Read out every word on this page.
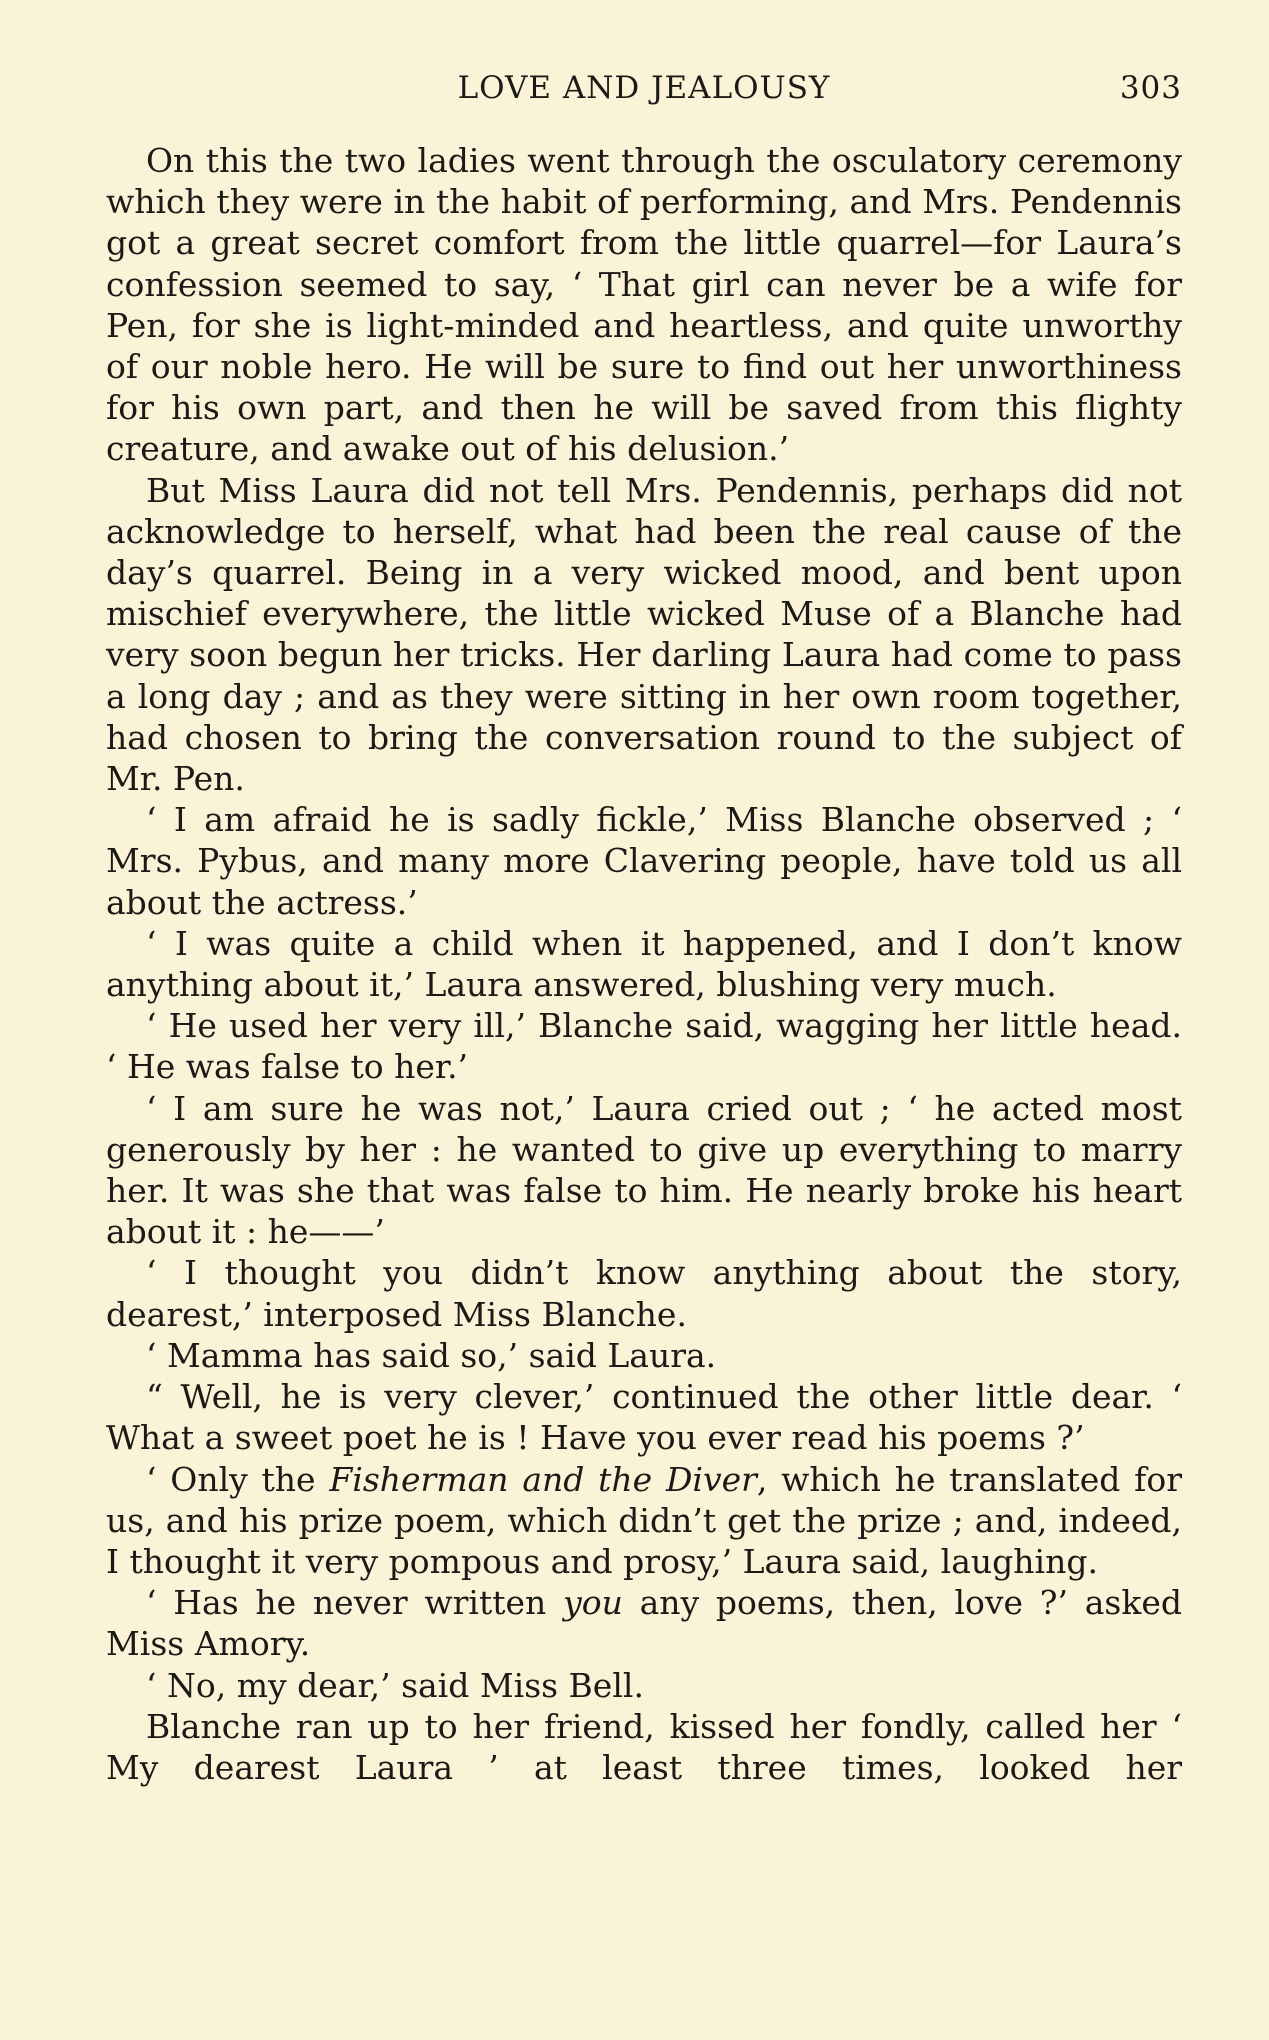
LOVE AND JEALOUSY	303

On this the two ladies went through the osculatory ceremony which they were in the habit of performing, and Mrs. Pendennis got a great secret comfort from the little quarrel—for Laura’s confession seemed to say, ‘ That girl can never be a wife for Pen, for she is light-minded and heartless, and quite unworthy of our noble hero. He will be sure to find out her unworthiness for his own part, and then he will be saved from this flighty creature, and awake out of his delusion.’

But Miss Laura did not tell Mrs. Pendennis, perhaps did not acknowledge to herself, what had been the real cause of the day’s quarrel. Being in a very wicked mood, and bent upon mischief everywhere, the little wicked Muse of a Blanche had very soon begun her tricks. Her darling Laura had come to pass a long day ; and as they were sitting in her own room together, had chosen to bring the conversation round to the subject of Mr. Pen.

‘ I am afraid he is sadly fickle,’ Miss Blanche observed ; ‘ Mrs. Pybus, and many more Clavering people, have told us all about the actress.’

‘ I was quite a child when it happened, and I don’t know anything about it,’ Laura answered, blushing very much.

‘ He used her very ill,’ Blanche said, wagging her little head. ‘ He was false to her.’

‘ I am sure he was not,’ Laura cried out ; ‘ he acted most generously by her : he wanted to give up everything to marry her. It was she that was false to him. He nearly broke his heart about it : he——’

‘ I thought you didn’t know anything about the story, dearest,’ interposed Miss Blanche.

‘ Mamma has said so,’ said Laura.

“ Well, he is very clever,’ continued the other little dear. ‘ What a sweet poet he is ! Have you ever read his poems ?’

‘ Only the Fisherman and the Diver, which he translated for us, and his prize poem, which didn’t get the prize ; and, indeed, I thought it very pompous and prosy,’ Laura said, laughing.

‘ Has he never written you any poems, then, love ?’ asked Miss Amory.

‘ No, my dear,’ said Miss Bell.

Blanche ran up to her friend, kissed her fondly, called her ‘ My dearest Laura ’ at least three times, looked her
